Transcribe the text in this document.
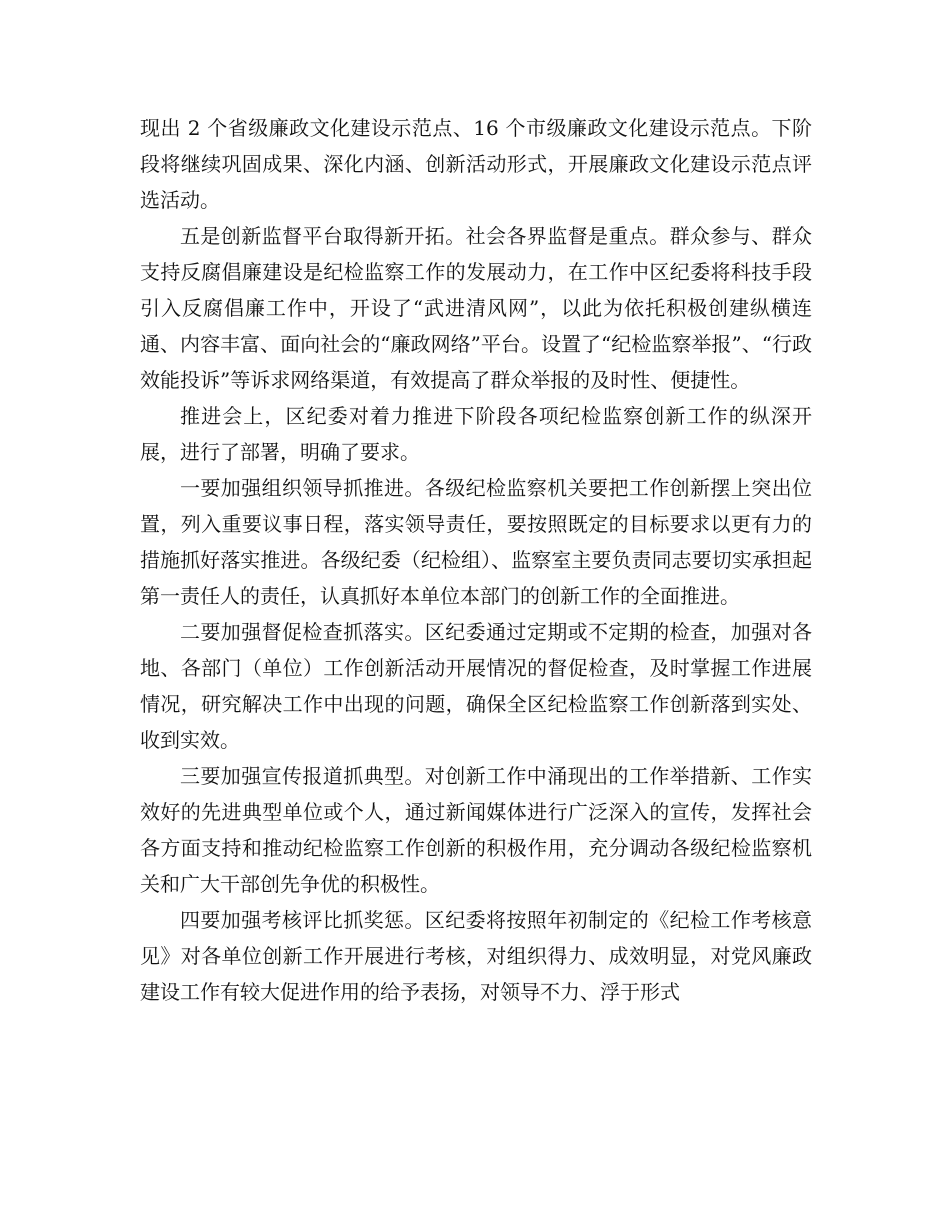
现出 2 个省级廉政文化建设示范点、16 个市级廉政文化建设示范点。下阶段将继续巩固成果、深化内涵、创新活动形式，开展廉政文化建设示范点评选活动。

五是创新监督平台取得新开拓。社会各界监督是重点。群众参与、群众支持反腐倡廉建设是纪检监察工作的发展动力，在工作中区纪委将科技手段引入反腐倡廉工作中，开设了“武进清风网”，以此为依托积极创建纵横连通、内容丰富、面向社会的“廉政网络”平台。设置了“纪检监察举报”、“行政效能投诉”等诉求网络渠道，有效提高了群众举报的及时性、便捷性。

推进会上，区纪委对着力推进下阶段各项纪检监察创新工作的纵深开展，进行了部署，明确了要求。

一要加强组织领导抓推进。各级纪检监察机关要把工作创新摆上突出位置，列入重要议事日程，落实领导责任，要按照既定的目标要求以更有力的措施抓好落实推进。各级纪委（纪检组）、监察室主要负责同志要切实承担起第一责任人的责任，认真抓好本单位本部门的创新工作的全面推进。

二要加强督促检查抓落实。区纪委通过定期或不定期的检查，加强对各地、各部门（单位）工作创新活动开展情况的督促检查，及时掌握工作进展情况，研究解决工作中出现的问题，确保全区纪检监察工作创新落到实处、收到实效。

三要加强宣传报道抓典型。对创新工作中涌现出的工作举措新、工作实效好的先进典型单位或个人，通过新闻媒体进行广泛深入的宣传，发挥社会各方面支持和推动纪检监察工作创新的积极作用，充分调动各级纪检监察机关和广大干部创先争优的积极性。

四要加强考核评比抓奖惩。区纪委将按照年初制定的《纪检工作考核意见》对各单位创新工作开展进行考核，对组织得力、成效明显，对党风廉政建设工作有较大促进作用的给予表扬，对领导不力、浮于形式
